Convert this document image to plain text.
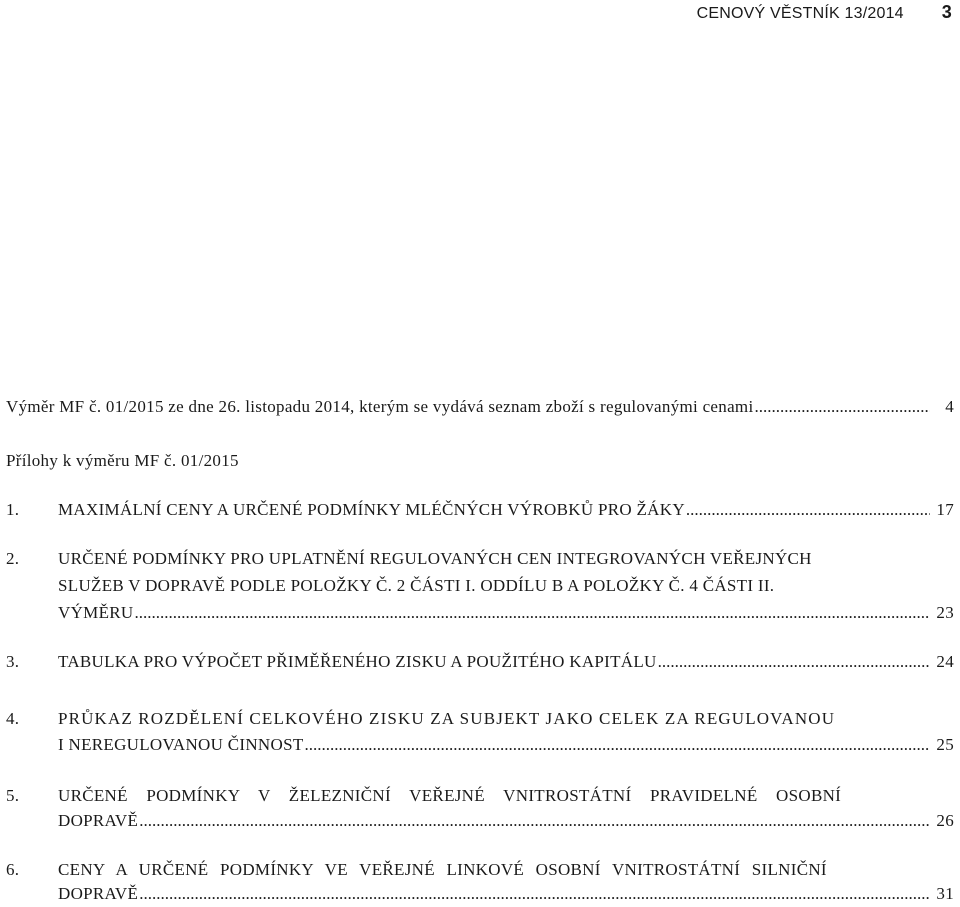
CENOVÝ VĚSTNÍK 13/2014 3
Výměr MF č. 01/2015 ze dne 26. listopadu 2014, kterým se vydává seznam zboží s regulovanými cenami .....	4
Přílohy k výměru MF č. 01/2015
1. MAXIMÁLNÍ CENY A URČENÉ PODMÍNKY MLÉČNÝCH VÝROBKŮ PRO ŽÁKY .....	17
2. URČENÉ PODMÍNKY PRO UPLATNĚNÍ REGULOVANÝCH CEN INTEGROVANÝCH VEŘEJNÝCH
SLUŽEB V DOPRAVĚ PODLE POLOŽKY Č. 2 ČÁSTI I. ODDÍLU B A POLOŽKY Č. 4 ČÁSTI II.
VÝMĚRU .....	23
3. TABULKA PRO VÝPOČET PŘIMĚŘENÉHO ZISKU A POUŽITÉHO KAPITÁLU .....	24
4. PRŮKAZ ROZDĚLENÍ CELKOVÉHO ZISKU ZA SUBJEKT JAKO CELEK ZA REGULOVANOU
I NEREGULOVANOU ČINNOST .....	25
5. URČENÉ PODMÍNKY V ŽELEZNIČNÍ VEŘEJNÉ VNITROSTÁTNÍ PRAVIDELNÉ OSOBNÍ
DOPRAVĚ .....	26
6. CENY A URČENÉ PODMÍNKY VE VEŘEJNÉ LINKOVÉ OSOBNÍ VNITROSTÁTNÍ SILNIČNÍ
DOPRAVĚ .....	31
